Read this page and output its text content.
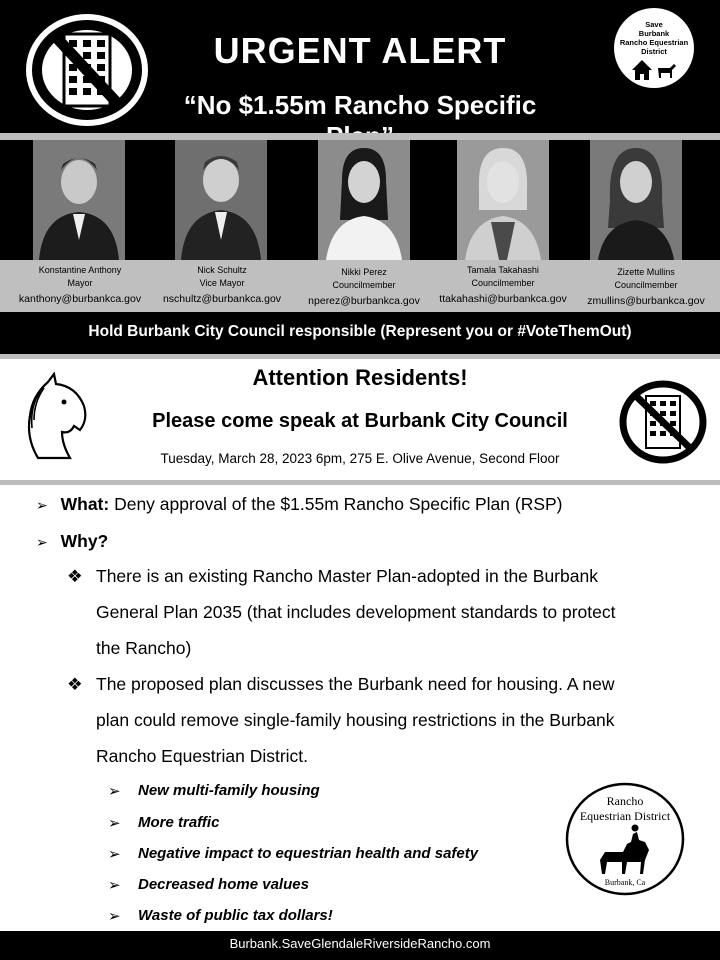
URGENT ALERT
“No $1.55m Rancho Specific
Save
Burbank
Rancho Equestrian
District
Konstantine Anthony
Mayor
kanthony@burbankca.gov
Nick Schultz
Vice Mayor
nschultz@burbankca.gov
Nikki Perez
Councilmember
nperez@burbankca.gov
Tamala Takahashi
Councilmember
ttakahashi@burbankca.gov
Zizette Mullins
Councilmember
zmullins@burbankca.gov
Hold Burbank City Council responsible (Represent you or #VoteThemOut)
Attention Residents!
Please come speak at Burbank City Council
Tuesday, March 28, 2023 6pm, 275 E. Olive Avenue, Second Floor
➢ What: Deny approval of the $1.55m Rancho Specific Plan (RSP)
➢ Why?
❖ There is an existing Rancho Master Plan-adopted in the Burbank
General Plan 2035 (that includes development standards to protect
the Rancho)
❖ The proposed plan discusses the Burbank need for housing. A new
plan could remove single-family housing restrictions in the Burbank
Rancho Equestrian District.
➢ New multi-family housing
➢ More traffic
➢ Negative impact to equestrian health and safety
➢ Decreased home values
➢ Waste of public tax dollars!
Rancho
Equestrian District
Burbank, Ca
Burbank.SaveGlendaleRiversideRancho.com
